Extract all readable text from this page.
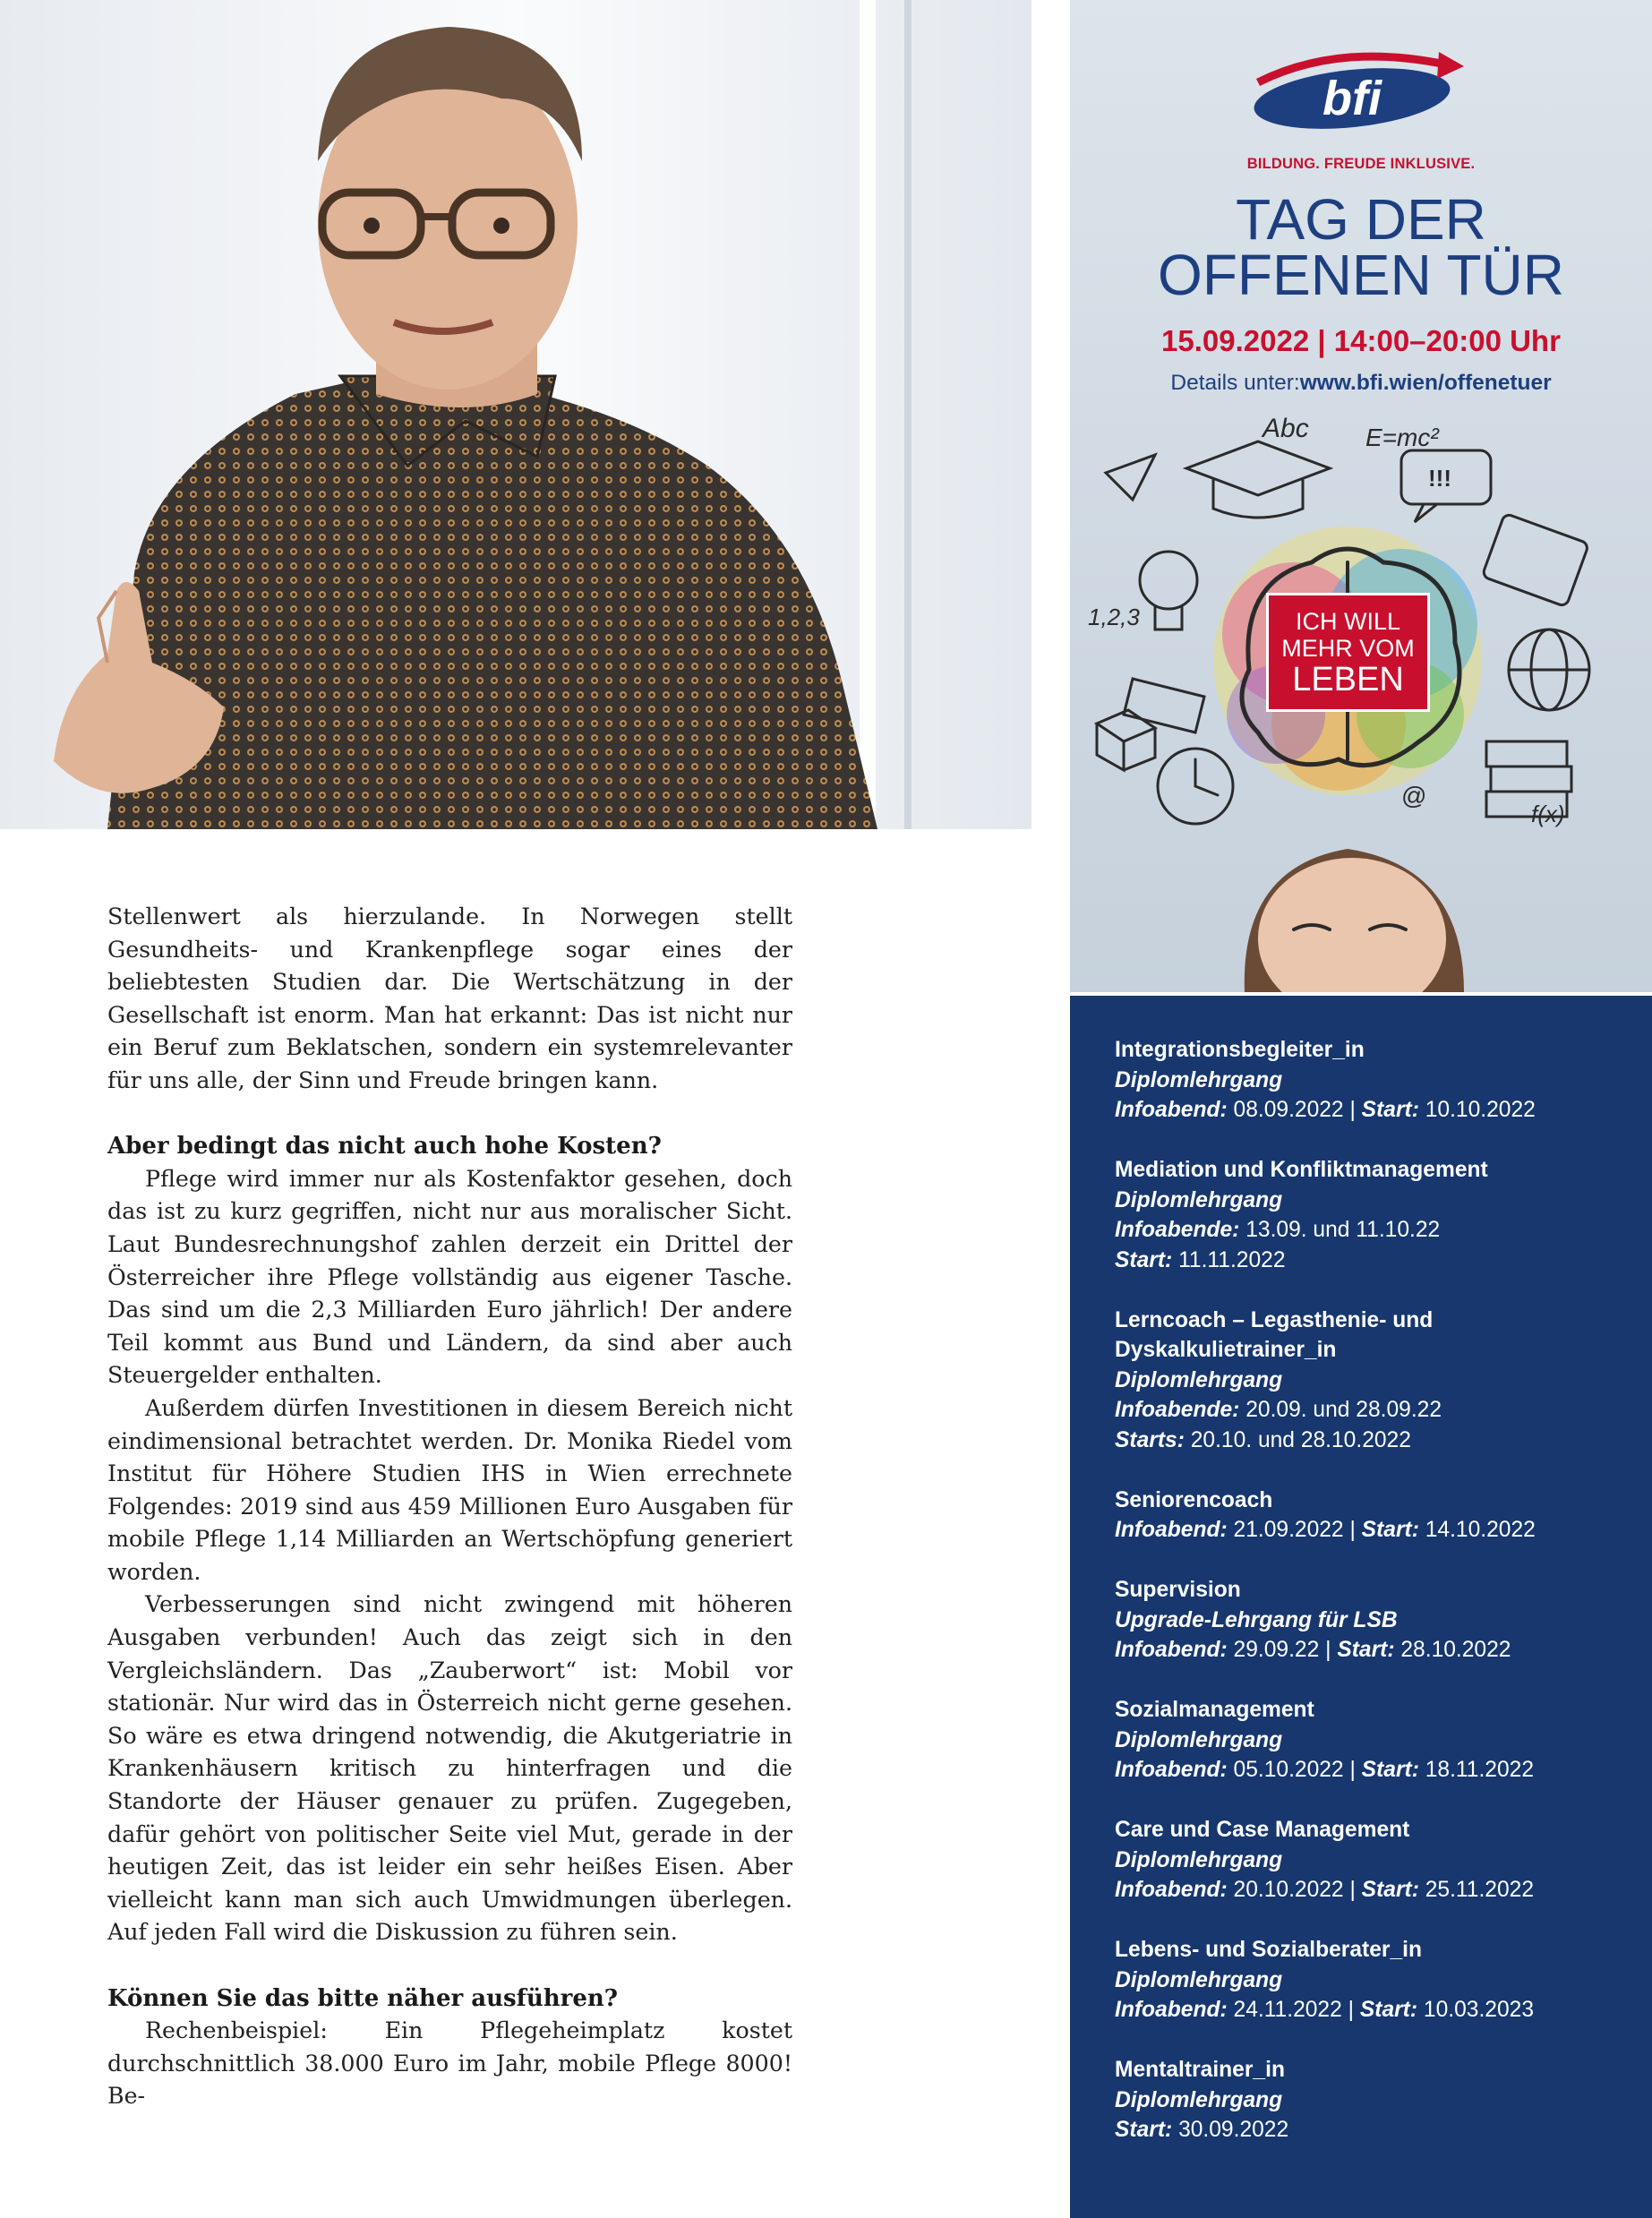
Stellenwert als hierzulande. In Norwegen stellt Gesundheits- und Krankenpflege sogar eines der beliebtesten Studien dar. Die Wertschätzung in der Gesellschaft ist enorm. Man hat erkannt: Das ist nicht nur ein Beruf zum Beklatschen, sondern ein systemrelevanter für uns alle, der Sinn und Freude bringen kann.

Aber bedingt das nicht auch hohe Kosten?

Pflege wird immer nur als Kostenfaktor gesehen, doch das ist zu kurz gegriffen, nicht nur aus moralischer Sicht. Laut Bundesrechnungshof zahlen derzeit ein Drittel der Österreicher ihre Pflege vollständig aus eigener Tasche. Das sind um die 2,3 Milliarden Euro jährlich! Der andere Teil kommt aus Bund und Ländern, da sind aber auch Steuergelder enthalten.

Außerdem dürfen Investitionen in diesem Bereich nicht eindimensional betrachtet werden. Dr. Monika Riedel vom Institut für Höhere Studien IHS in Wien errechnete Folgendes: 2019 sind aus 459 Millionen Euro Ausgaben für mobile Pflege 1,14 Milliarden an Wertschöpfung generiert worden.

Verbesserungen sind nicht zwingend mit höheren Ausgaben verbunden! Auch das zeigt sich in den Vergleichsländern. Das „Zauberwort“ ist: Mobil vor stationär. Nur wird das in Österreich nicht gerne gesehen. So wäre es etwa dringend notwendig, die Akutgeriatrie in Krankenhäusern kritisch zu hinterfragen und die Standorte der Häuser genauer zu prüfen. Zugegeben, dafür gehört von politischer Seite viel Mut, gerade in der heutigen Zeit, das ist leider ein sehr heißes Eisen. Aber vielleicht kann man sich auch Umwidmungen überlegen. Auf jeden Fall wird die Diskussion zu führen sein.

Können Sie das bitte näher ausführen?

Rechenbeispiel: Ein Pflegeheimplatz kostet durchschnittlich 38.000 Euro im Jahr, mobile Pflege 8000! Be-

bfi
BILDUNG. FREUDE INKLUSIVE.
TAG DER
OFFENEN TÜR
15.09.2022 | 14:00–20:00 Uhr
Details unter:www.bfi.wien/offenetuer
Abc E=mc²
!!!
1,2,3
f(x)
@
ICH WILL
MEHR VOM
LEBEN
Integrationsbegleiter_in
Diplomlehrgang
Infoabend: 08.09.2022 | Start: 10.10.2022
Mediation und Konfliktmanagement
Diplomlehrgang
Infoabende: 13.09. und 11.10.22
Start: 11.11.2022
Lerncoach – Legasthenie- und Dyskalkulietrainer_in
Diplomlehrgang
Infoabende: 20.09. und 28.09.22
Starts: 20.10. und 28.10.2022
Seniorencoach
Infoabend: 21.09.2022 | Start: 14.10.2022
Supervision
Upgrade-Lehrgang für LSB
Infoabend: 29.09.22 | Start: 28.10.2022
Sozialmanagement
Diplomlehrgang
Infoabend: 05.10.2022 | Start: 18.11.2022
Care und Case Management
Diplomlehrgang
Infoabend: 20.10.2022 | Start: 25.11.2022
Lebens- und Sozialberater_in
Diplomlehrgang
Infoabend: 24.11.2022 | Start: 10.03.2023
Mentaltrainer_in
Diplomlehrgang
Start: 30.09.2022
